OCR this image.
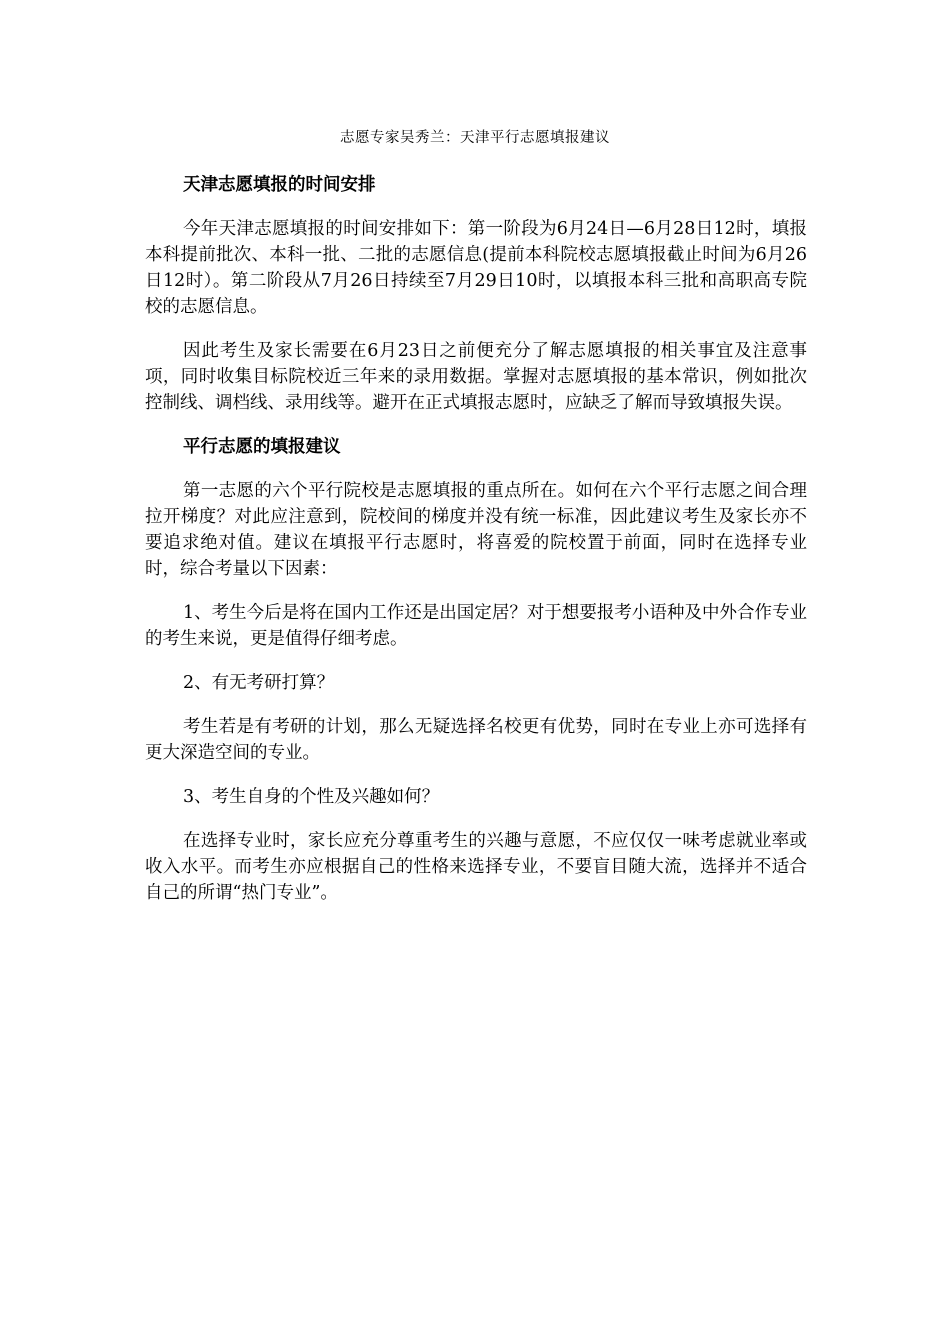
志愿专家吴秀兰：天津平行志愿填报建议

天津志愿填报的时间安排

今年天津志愿填报的时间安排如下：第一阶段为6月24日—6月28日12时，填报本科提前批次、本科一批、二批的志愿信息(提前本科院校志愿填报截止时间为6月26日12时）。第二阶段从7月26日持续至7月29日10时，以填报本科三批和高职高专院校的志愿信息。

因此考生及家长需要在6月23日之前便充分了解志愿填报的相关事宜及注意事项，同时收集目标院校近三年来的录用数据。掌握对志愿填报的基本常识，例如批次控制线、调档线、录用线等。避开在正式填报志愿时，应缺乏了解而导致填报失误。

平行志愿的填报建议

第一志愿的六个平行院校是志愿填报的重点所在。如何在六个平行志愿之间合理拉开梯度？对此应注意到，院校间的梯度并没有统一标准，因此建议考生及家长亦不要追求绝对值。建议在填报平行志愿时，将喜爱的院校置于前面，同时在选择专业时，综合考量以下因素：

1、考生今后是将在国内工作还是出国定居？对于想要报考小语种及中外合作专业的考生来说，更是值得仔细考虑。

2、有无考研打算？

考生若是有考研的计划，那么无疑选择名校更有优势，同时在专业上亦可选择有更大深造空间的专业。

3、考生自身的个性及兴趣如何？

在选择专业时，家长应充分尊重考生的兴趣与意愿，不应仅仅一味考虑就业率或收入水平。而考生亦应根据自己的性格来选择专业，不要盲目随大流，选择并不适合自己的所谓“热门专业”。
